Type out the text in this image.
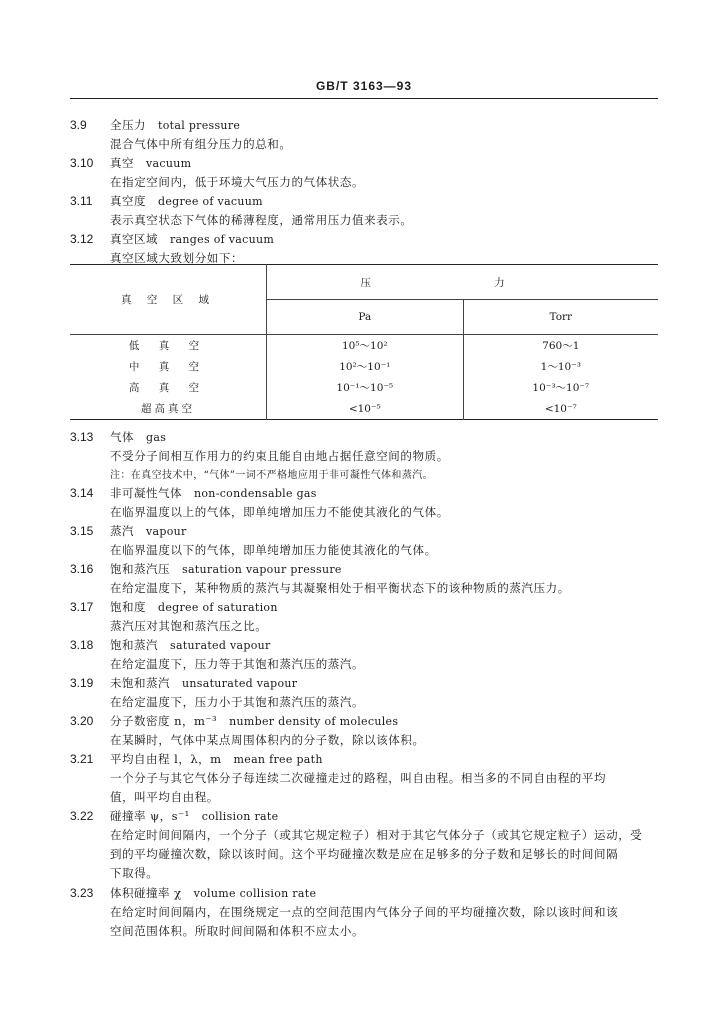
GB/T 3163—93
真 空 区 域	压 力	
	Pa	Torr
低 真 空	10⁵～10²	760～1
中 真 空	10²～10⁻¹	1～10⁻³
高 真 空	10⁻¹～10⁻⁵	10⁻³～10⁻⁷
超高真空	<10⁻⁵	<10⁻⁷
3.9 全压力 total pressure
混合气体中所有组分压力的总和。
3.10 真空 vacuum
在指定空间内，低于环境大气压力的气体状态。
3.11 真空度 degree of vacuum
表示真空状态下气体的稀薄程度，通常用压力值来表示。
3.12 真空区域 ranges of vacuum
真空区域大致划分如下：
3.13 气体 gas
不受分子间相互作用力的约束且能自由地占据任意空间的物质。
注：在真空技术中，“气体”一词不严格地应用于非可凝性气体和蒸汽。
3.14 非可凝性气体 non-condensable gas
在临界温度以上的气体，即单纯增加压力不能使其液化的气体。
3.15 蒸汽 vapour
在临界温度以下的气体，即单纯增加压力能使其液化的气体。
3.16 饱和蒸汽压 saturation vapour pressure
在给定温度下，某种物质的蒸汽与其凝聚相处于相平衡状态下的该种物质的蒸汽压力。
3.17 饱和度 degree of saturation
蒸汽压对其饱和蒸汽压之比。
3.18 饱和蒸汽 saturated vapour
在给定温度下，压力等于其饱和蒸汽压的蒸汽。
3.19 未饱和蒸汽 unsaturated vapour
在给定温度下，压力小于其饱和蒸汽压的蒸汽。
3.20 分子数密度 n，m⁻³ number density of molecules
在某瞬时，气体中某点周围体积内的分子数，除以该体积。
3.21 平均自由程 l，λ，m mean free path
一个分子与其它气体分子每连续二次碰撞走过的路程，叫自由程。相当多的不同自由程的平均
值，叫平均自由程。
3.22 碰撞率 ψ，s⁻¹ collision rate
在给定时间间隔内，一个分子（或其它规定粒子）相对于其它气体分子（或其它规定粒子）运动，受
到的平均碰撞次数，除以该时间。这个平均碰撞次数是应在足够多的分子数和足够长的时间间隔
下取得。
3.23 体积碰撞率 χ volume collision rate
在给定时间间隔内，在围绕规定一点的空间范围内气体分子间的平均碰撞次数，除以该时间和该
空间范围体积。所取时间间隔和体积不应太小。
